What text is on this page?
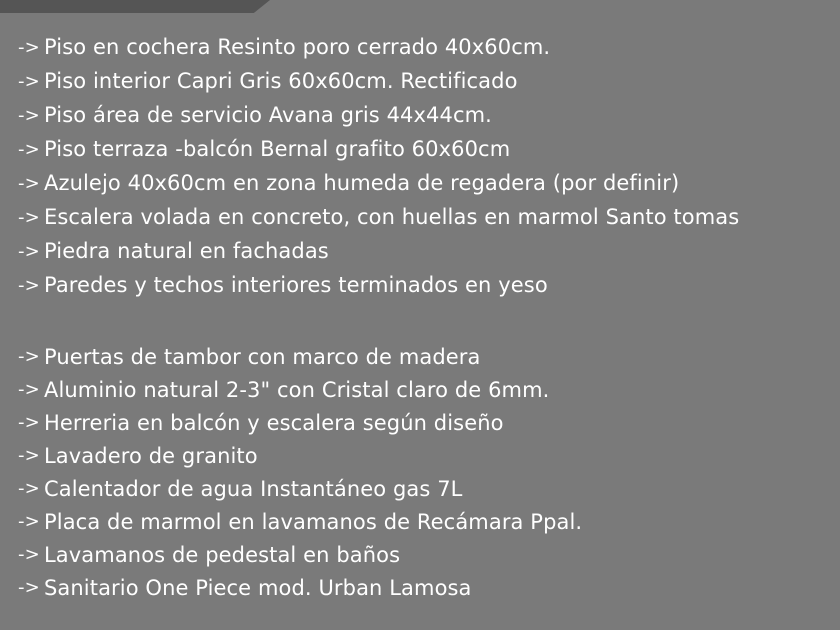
-> Piso en cochera Resinto poro cerrado 40x60cm.
-> Piso interior Capri Gris 60x60cm. Rectificado
-> Piso área de servicio Avana gris 44x44cm.
-> Piso terraza -balcón Bernal grafito 60x60cm
-> Azulejo 40x60cm en zona humeda de regadera (por definir)
-> Escalera volada en concreto, con huellas en marmol Santo tomas
-> Piedra natural en fachadas
-> Paredes y techos interiores terminados en yeso
-> Puertas de tambor con marco de madera
-> Aluminio natural 2-3" con Cristal claro de 6mm.
-> Herreria en balcón y escalera según diseño
-> Lavadero de granito
-> Calentador de agua Instantáneo gas 7L
-> Placa de marmol en lavamanos de Recámara Ppal.
-> Lavamanos de pedestal en baños
-> Sanitario One Piece mod. Urban Lamosa
